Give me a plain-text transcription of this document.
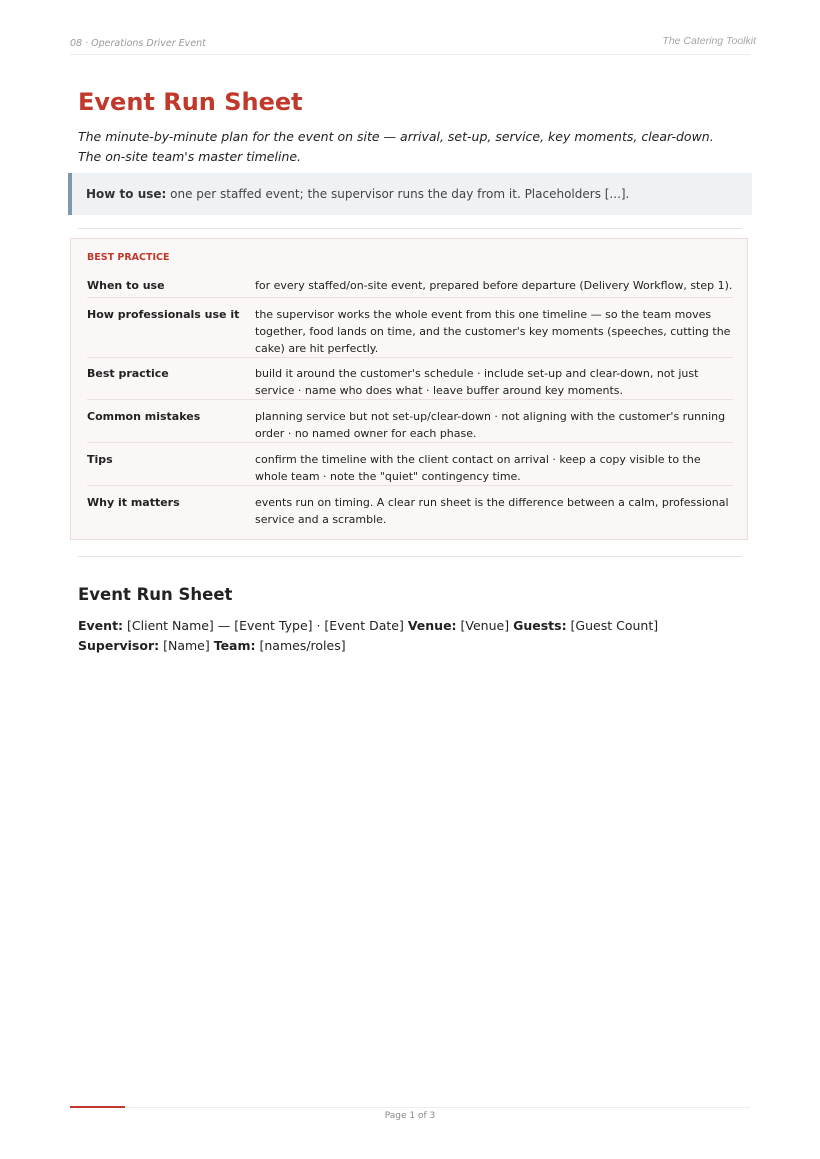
08 · Operations Driver Event	The Catering Toolkit
Event Run Sheet

The minute-by-minute plan for the event on site — arrival, set-up, service, key moments, clear-down. The on-site team's master timeline.

How to use: one per staffed event; the supervisor runs the day from it. Placeholders [...].
BEST PRACTICE
When to use	for every staffed/on-site event, prepared before departure (Delivery Workflow, step 1).
How professionals use it	the supervisor works the whole event from this one timeline — so the team moves together, food lands on time, and the customer's key moments (speeches, cutting the cake) are hit perfectly.
Best practice	build it around the customer's schedule · include set-up and clear-down, not just service · name who does what · leave buffer around key moments.
Common mistakes	planning service but not set-up/clear-down · not aligning with the customer's running order · no named owner for each phase.
Tips	confirm the timeline with the client contact on arrival · keep a copy visible to the whole team · note the "quiet" contingency time.
Why it matters	events run on timing. A clear run sheet is the difference between a calm, professional service and a scramble.
Event Run Sheet

Event: [Client Name] — [Event Type] · [Event Date] Venue: [Venue] Guests: [Guest Count] Supervisor: [Name] Team: [names/roles]

Page 1 of 3
